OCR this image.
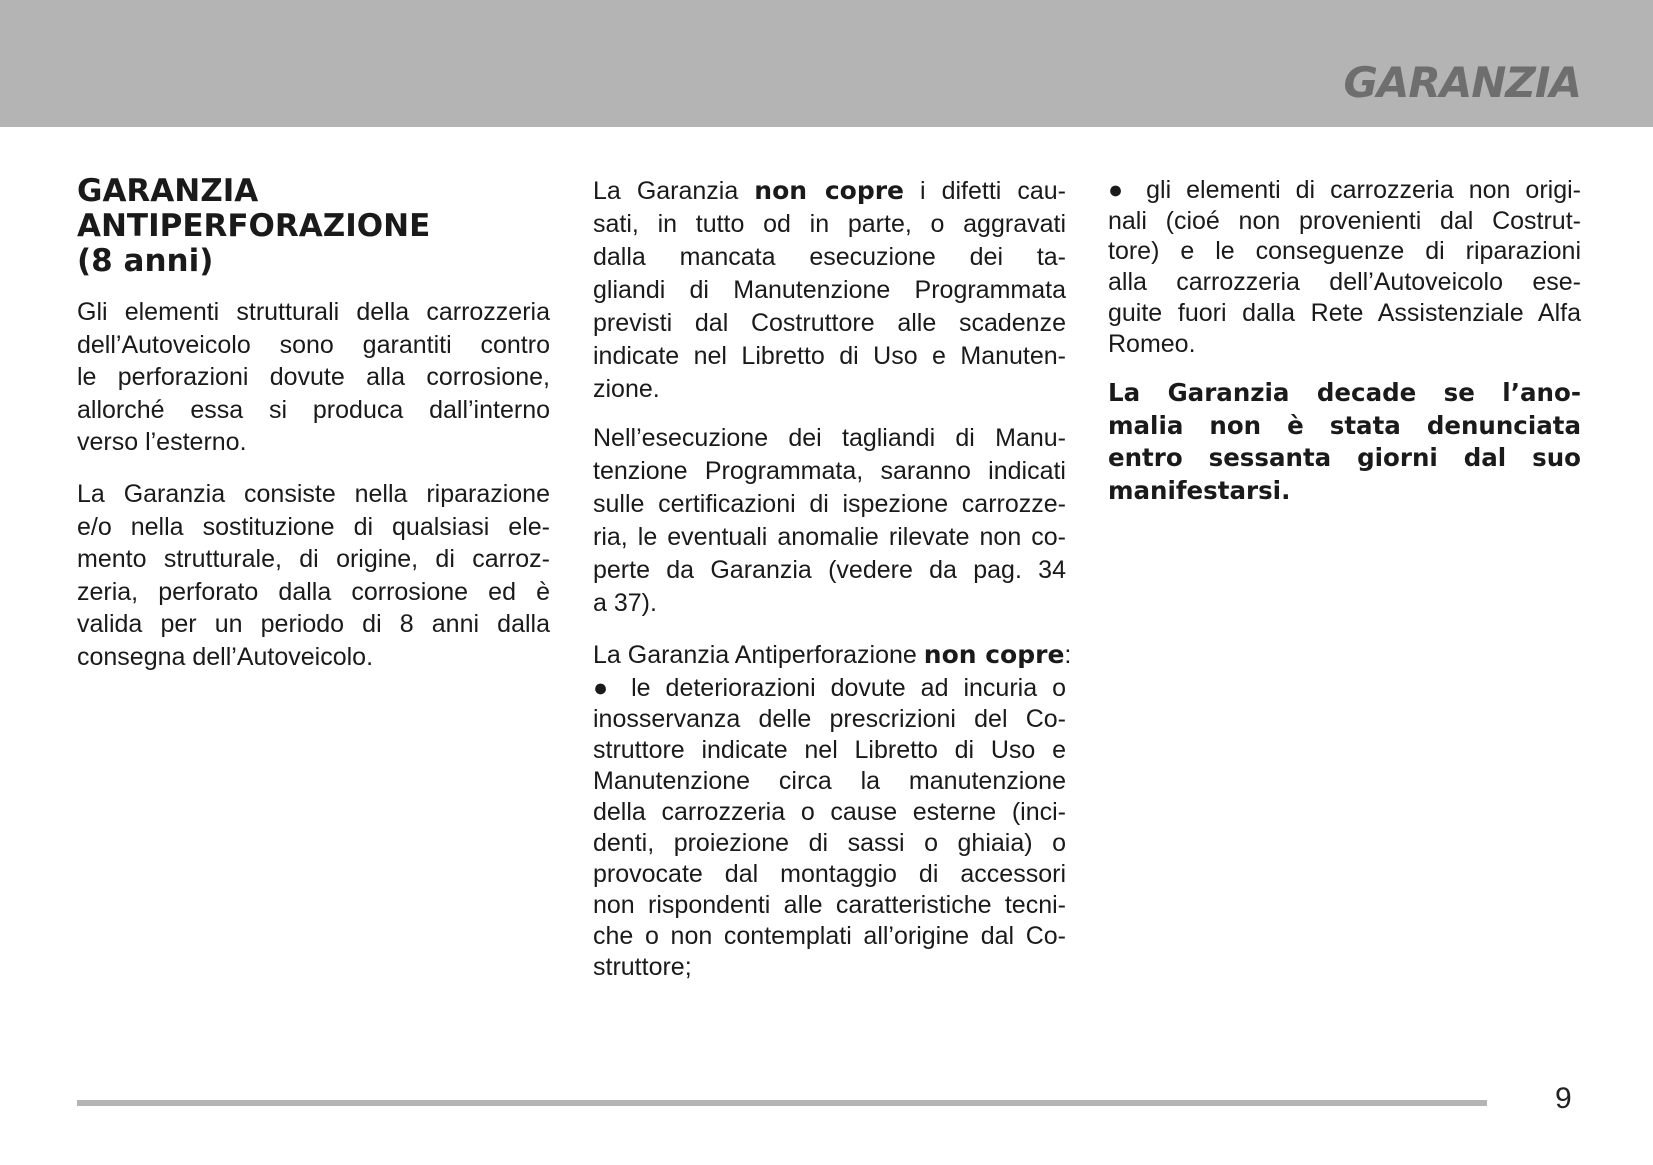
GARANZIA
GARANZIA
ANTIPERFORAZIONE
(8 anni)
Gli elementi strutturali della carrozzeria
dell’Autoveicolo sono garantiti contro
le perforazioni dovute alla corrosione,
allorché essa si produca dall’interno
verso l’esterno.
La Garanzia consiste nella riparazione
e/o nella sostituzione di qualsiasi ele-
mento strutturale, di origine, di carroz-
zeria, perforato dalla corrosione ed è
valida per un periodo di 8 anni dalla
consegna dell’Autoveicolo.
La Garanzia non copre i difetti cau-
sati, in tutto od in parte, o aggravati
dalla mancata esecuzione dei ta-
gliandi di Manutenzione Programmata
previsti dal Costruttore alle scadenze
indicate nel Libretto di Uso e Manuten-
zione.
Nell’esecuzione dei tagliandi di Manu-
tenzione Programmata, saranno indicati
sulle certificazioni di ispezione carrozze-
ria, le eventuali anomalie rilevate non co-
perte da Garanzia (vedere da pag. 34
a 37).
La Garanzia Antiperforazione non copre:
● le deteriorazioni dovute ad incuria o
inosservanza delle prescrizioni del Co-
struttore indicate nel Libretto di Uso e
Manutenzione circa la manutenzione
della carrozzeria o cause esterne (inci-
denti, proiezione di sassi o ghiaia) o
provocate dal montaggio di accessori
non rispondenti alle caratteristiche tecni-
che o non contemplati all’origine dal Co-
struttore;
● gli elementi di carrozzeria non origi-
nali (cioé non provenienti dal Costrut-
tore) e le conseguenze di riparazioni
alla carrozzeria dell’Autoveicolo ese-
guite fuori dalla Rete Assistenziale Alfa
Romeo.
La Garanzia decade se l’ano-
malia non è stata denunciata
entro sessanta giorni dal suo
manifestarsi.
9
